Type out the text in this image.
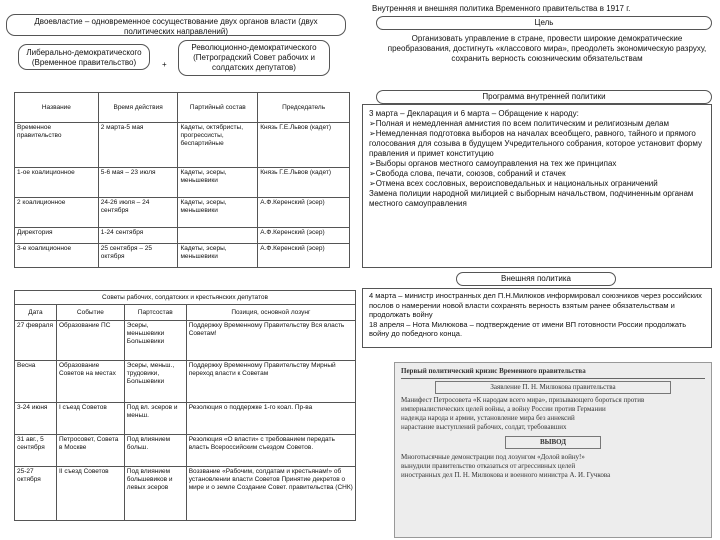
Двоевластие – одновременное сосуществование двух органов власти (двух политических направлений)
Либерально-демократического (Временное правительство)	+
Революционно-демократического (Петроградский Совет рабочих и солдатских депутатов)
Название	Время действия	Партийный состав	Председатель
Временное правительство	2 марта-5 мая	Кадеты, октябристы, прогрессисты, беспартийные	Князь Г.Е.Львов (кадет)
1-ое коалиционное	5-6 мая – 23 июля	Кадеты, эсеры, меньшевики	Князь Г.Е.Львов (кадет)
2 коалиционное	24-26 июля – 24 сентября	Кадеты, эсеры, меньшевики	А.Ф.Керенский (эсер)
Директория	1-24 сентября		А.Ф.Керенский (эсер)
3-е коалиционное	25 сентября – 25 октября	Кадеты, эсеры, меньшевики	А.Ф.Керенский (эсер)
Советы рабочих, солдатских и крестьянских депутатов			
Дата	Событие	Партсостав	Позиция, основной лозунг
27 февраля	Образование ПС	Эсеры, меньшевики Большевики	Поддержку Временному Правительству Вся власть Советам!
Весна	Образование Советов на местах	Эсеры, меньш., трудовики, Большевики	Поддержку Временному Правительству Мирный переход власти к Советам
3-24 июня	I съезд Советов	Под вл. эсеров и меньш.	Резолюция о поддержке 1-го коал. Пр-ва
31 авг., 5 сентября	Петросовет, Совета в Москве	Под влиянием больш.	Резолюция «О власти» с требованием передать власть Всероссийским съездом Советов.
25-27 октября	II съезд Советов	Под влиянием большевиков и левых эсеров	Воззвание «Рабочим, солдатам и крестьянам!» об установлении власти Советов Принятие декретов о мире и о земле Создание Совет. правительства (СНК)
Внутренняя и внешняя политика Временного правительства в 1917 г.
Цель
Организовать управление в стране, провести широкие демократические преобразования, достигнуть «классового мира», преодолеть экономическую разруху, сохранить верность союзническим обязательствам
Программа внутренней политики
3 марта – Декларация и 6 марта – Обращение к народу:
➢Полная и немедленная амнистия по всем политическим и религиозным делам
➢Немедленная подготовка выборов на началах всеобщего, равного, тайного и прямого голосования для созыва в будущем Учредительного собрания, которое установит форму правления и примет конституцию
➢Выборы органов местного самоуправления на тех же принципах
➢Свобода слова, печати, союзов, собраний и стачек
➢Отмена всех сословных, вероисповедальных и национальных ограничений
Замена полиции народной милицией с выборным начальством, подчиненным органам местного самоуправления
Внешняя политика
4 марта – министр иностранных дел П.Н.Милюков информировал союзников через российских послов о намерении новой власти сохранять верность взятым ранее обязательствам и продолжать войну
18 апреля – Нота Милюкова – подтверждение от имени ВП готовности России продолжать войну до победного конца.
Первый политический кризис Временного правительства
Заявление П. Н. Милюкова правительства
Манифест Петросовета «К народам всего мира», призывающего бороться против империалистических целей войны, а войну России против Германии
надежда народа и армии, установление мира без аннексий
нарастание выступлений рабочих, солдат, требовавших
ВЫВОД
Многотысячные демонстрации под лозунгом «Долой войну!»
вынудили правительство отказаться от агрессивных целей
иностранных дел П. Н. Милюкова и военного министра А. И. Гучкова
